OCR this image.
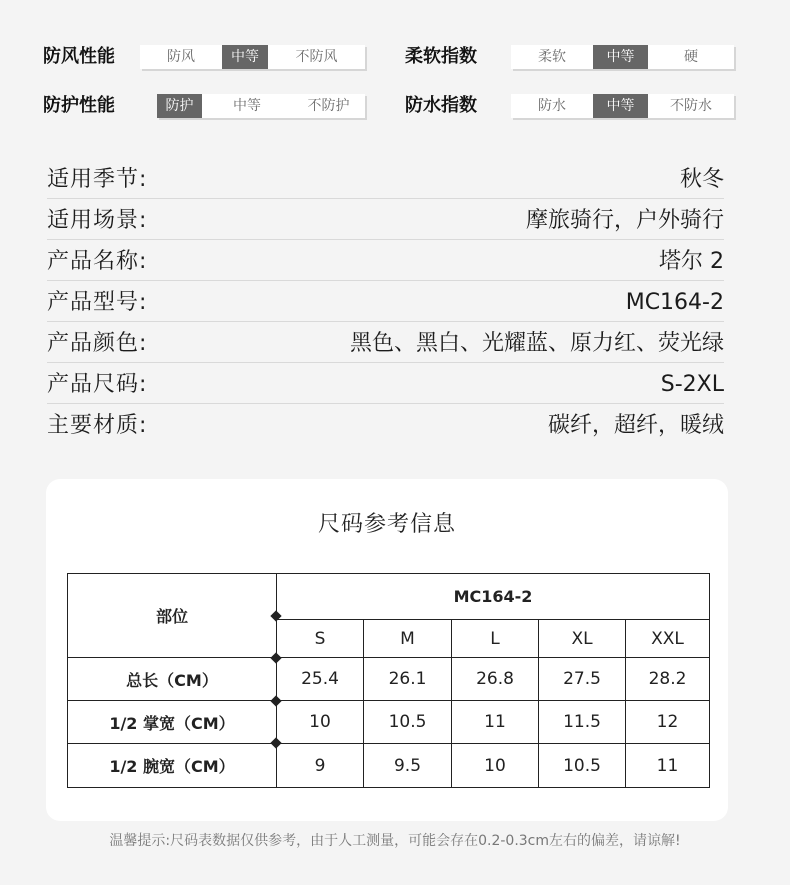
防风性能	防风	中等	不防风	柔软指数	柔软	中等	硬
防护性能	防护	中等	不防护	防水指数	防水	中等	不防水
适用季节:	秋冬
适用场景:	摩旅骑行，户外骑行
产品名称:	塔尔 2
产品型号:	MC164-2
产品颜色:	黑色、黑白、光耀蓝、原力红、荧光绿
产品尺码:	S-2XL
主要材质:	碳纤，超纤，暖绒
尺码参考信息
部位	MC164-2				
	S	M	L	XL	XXL
总长（CM）	25.4	26.1	26.8	27.5	28.2
1/2 掌宽（CM）	10	10.5	11	11.5	12
1/2 腕宽（CM）	9	9.5	10	10.5	11
温馨提示:尺码表数据仅供参考，由于人工测量，可能会存在0.2-0.3cm左右的偏差，请谅解!
